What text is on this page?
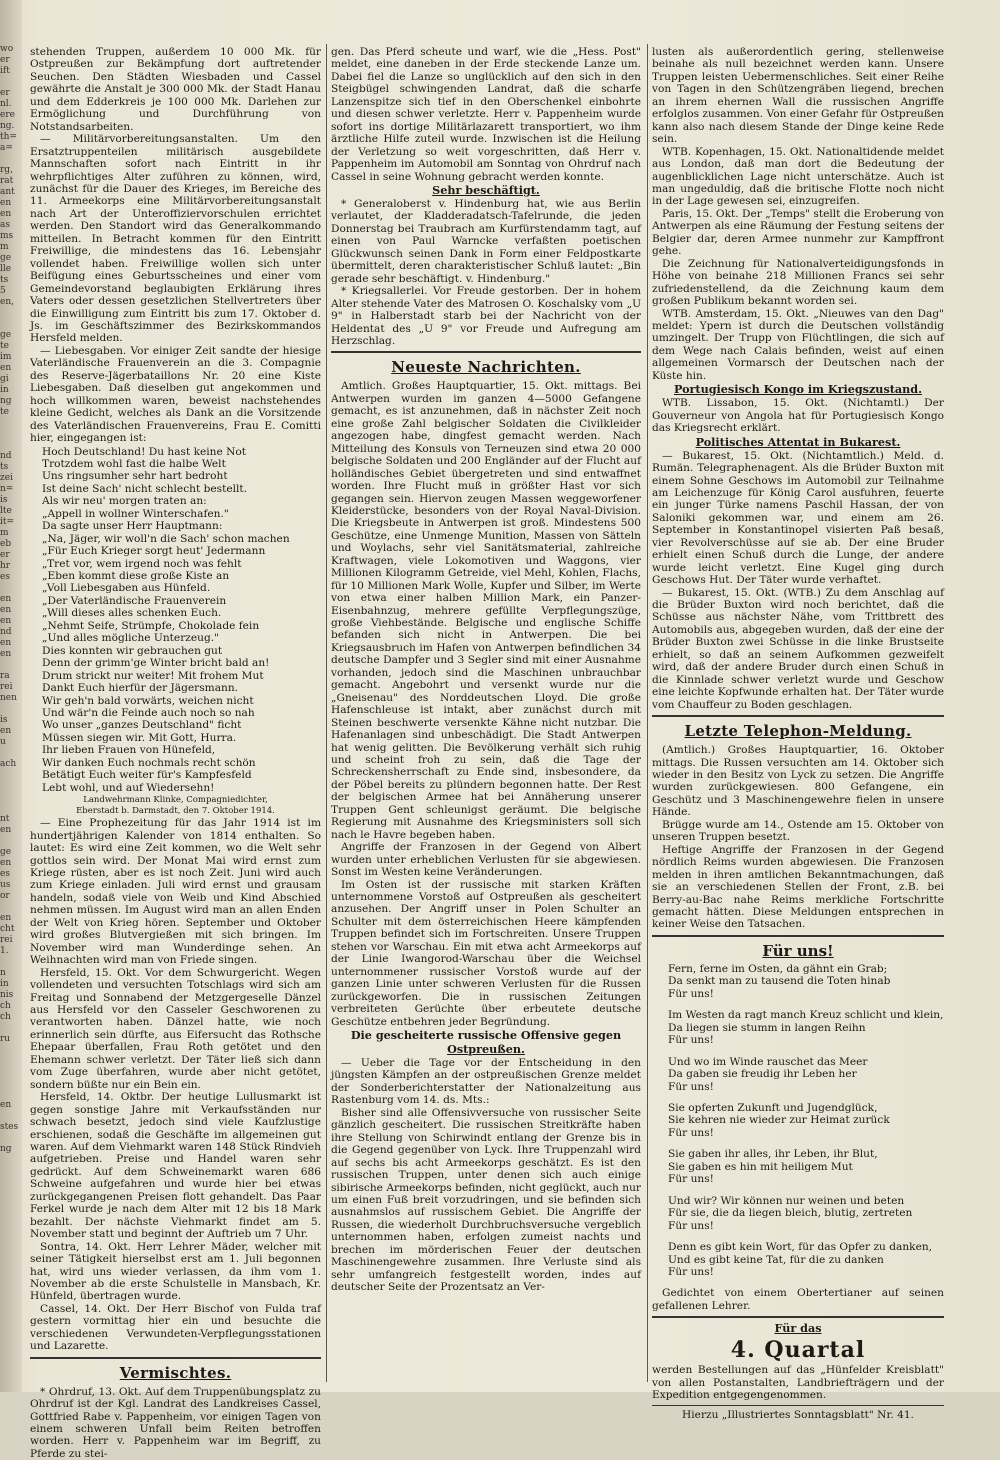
wo
er
ift

er
nl.
ere
ng.
th=
a=

rg,
rat
ant
en
en
as
ms
m
ge
lle
ts
5
en,

ge
te
im
en
gi
in
ng
te

nd
ts
zei
n=
is
lte
it=
m
eb
er
hr
es

en
en
en
nd
en
en

ra
rei
nen

is
en
u

ach

nt
en

ge
en
es
us
or

en
cht
rei
1.

n
in
nis
ch
ch

ru

en

stes

ng

stehenden Truppen, außerdem 10 000 Mk. für Ostpreußen zur Bekämpfung dort auftretender Seuchen. Den Städten Wiesbaden und Cassel gewährte die Anstalt je 300 000 Mk. der Stadt Hanau und dem Edderkreis je 100 000 Mk. Darlehen zur Ermöglichung und Durchführung von Notstandsarbeiten.

— Militärvorbereitungsanstalten. Um den Ersatztruppenteilen militärisch ausgebildete Mannschaften sofort nach Eintritt in ihr wehrpflichtiges Alter zuführen zu können, wird, zunächst für die Dauer des Krieges, im Bereiche des 11. Armeekorps eine Militärvorbereitungsanstalt nach Art der Unteroffiziervorschulen errichtet werden. Den Standort wird das Generalkommando mitteilen. In Betracht kommen für den Eintritt Freiwillige, die mindestens das 16. Lebensjahr vollendet haben. Freiwillige wollen sich unter Beifügung eines Geburtsscheines und einer vom Gemeindevorstand beglaubigten Erklärung ihres Vaters oder dessen gesetzlichen Stellvertreters über die Einwilligung zum Eintritt bis zum 17. Oktober d. Js. im Geschäftszimmer des Bezirkskommandos Hersfeld melden.

— Liebesgaben. Vor einiger Zeit sandte der hiesige Vaterländische Frauenverein an die 3. Compagnie des Reserve-Jägerbataillons Nr. 20 eine Kiste Liebesgaben. Daß dieselben gut angekommen und hoch willkommen waren, beweist nachstehendes kleine Gedicht, welches als Dank an die Vorsitzende des Vaterländischen Frauenvereins, Frau E. Comitti hier, eingegangen ist:

Hoch Deutschland! Du hast keine Not
Trotzdem wohl fast die halbe Welt
Uns ringsumher sehr hart bedroht
Ist deine Sach' nicht schlecht bestellt.
Als wir neu' morgen traten an:
„Appell in wollner Winterschafen."
Da sagte unser Herr Hauptmann:
„Na, Jäger, wir woll'n die Sach' schon machen
„Für Euch Krieger sorgt heut' Jedermann
„Tret vor, wem irgend noch was fehlt
„Eben kommt diese große Kiste an
„Voll Liebesgaben aus Hünfeld.
„Der Vaterländische Frauenverein
„Will dieses alles schenken Euch.
„Nehmt Seife, Strümpfe, Chokolade fein
„Und alles mögliche Unterzeug."
Dies konnten wir gebrauchen gut
Denn der grimm'ge Winter bricht bald an!
Drum strickt nur weiter! Mit frohem Mut
Dankt Euch hierfür der Jägersmann.
Wir geh'n bald vorwärts, weichen nicht
Und wär'n die Feinde auch noch so nah
Wo unser „ganzes Deutschland" ficht
Müssen siegen wir. Mit Gott, Hurra.
Ihr lieben Frauen von Hünefeld,
Wir danken Euch nochmals recht schön
Betätigt Euch weiter für's Kampfesfeld
Lebt wohl, und auf Wiedersehn!
Landwehrmann Klinke, Compagniedichter,
Eberstadt b. Darmstadt, den 7. Oktober 1914.

— Eine Prophezeitung für das Jahr 1914 ist im hundertjährigen Kalender von 1814 enthalten. So lautet: Es wird eine Zeit kommen, wo die Welt sehr gottlos sein wird. Der Monat Mai wird ernst zum Kriege rüsten, aber es ist noch Zeit. Juni wird auch zum Kriege einladen. Juli wird ernst und grausam handeln, sodaß viele von Weib und Kind Abschied nehmen müssen. Im August wird man an allen Enden der Welt von Krieg hören. September und Oktober wird großes Blutvergießen mit sich bringen. Im November wird man Wunderdinge sehen. An Weihnachten wird man von Friede singen.

Hersfeld, 15. Okt. Vor dem Schwurgericht. Wegen vollendeten und versuchten Totschlags wird sich am Freitag und Sonnabend der Metzgergeselle Dänzel aus Hersfeld vor den Casseler Geschworenen zu verantworten haben. Dänzel hatte, wie noch erinnerlich sein dürfte, aus Eifersucht das Rothsche Ehepaar überfallen, Frau Roth getötet und den Ehemann schwer verletzt. Der Täter ließ sich dann vom Zuge überfahren, wurde aber nicht getötet, sondern büßte nur ein Bein ein.

Hersfeld, 14. Oktbr. Der heutige Lullusmarkt ist gegen sonstige Jahre mit Verkaufsständen nur schwach besetzt, jedoch sind viele Kaufzlustige erschienen, sodaß die Geschäfte im allgemeinen gut waren. Auf dem Viehmarkt waren 148 Stück Rindvieh aufgetrieben. Preise und Handel waren sehr gedrückt. Auf dem Schweinemarkt waren 686 Schweine aufgefahren und wurde hier bei etwas zurückgegangenen Preisen flott gehandelt. Das Paar Ferkel wurde je nach dem Alter mit 12 bis 18 Mark bezahlt. Der nächste Viehmarkt findet am 5. November statt und beginnt der Auftrieb um 7 Uhr.

Sontra, 14. Okt. Herr Lehrer Mäder, welcher mit seiner Tätigkeit hierselbst erst am 1. Juli begonnen hat, wird uns wieder verlassen, da ihm vom 1. November ab die erste Schulstelle in Mansbach, Kr. Hünfeld, übertragen wurde.

Cassel, 14. Okt. Der Herr Bischof von Fulda traf gestern vormittag hier ein und besuchte die verschiedenen Verwundeten-Verpflegungsstationen und Lazarette.

Vermischtes.

* Ohrdruf, 13. Okt. Auf dem Truppenübungsplatz zu Ohrdruf ist der Kgl. Landrat des Landkreises Cassel, Gottfried Rabe v. Pappenheim, vor einigen Tagen von einem schweren Unfall beim Reiten betroffen worden. Herr v. Pappenheim war im Begriff, zu Pferde zu stei-

gen. Das Pferd scheute und warf, wie die „Hess. Post" meldet, eine daneben in der Erde steckende Lanze um. Dabei fiel die Lanze so unglücklich auf den sich in den Steigbügel schwingenden Landrat, daß die scharfe Lanzenspitze sich tief in den Oberschenkel einbohrte und diesen schwer verletzte. Herr v. Pappenheim wurde sofort ins dortige Militärlazarett transportiert, wo ihm ärztliche Hilfe zuteil wurde. Inzwischen ist die Heilung der Verletzung so weit vorgeschritten, daß Herr v. Pappenheim im Automobil am Sonntag von Ohrdruf nach Cassel in seine Wohnung gebracht werden konnte.

Sehr beschäftigt.

* Generaloberst v. Hindenburg hat, wie aus Berlin verlautet, der Kladderadatsch-Tafelrunde, die jeden Donnerstag bei Traubrach am Kurfürstendamm tagt, auf einen von Paul Warncke verfaßten poetischen Glückwunsch seinen Dank in Form einer Feldpostkarte übermittelt, deren charakteristischer Schluß lautet: „Bin gerade sehr beschäftigt. v. Hindenburg."

* Kriegsallerlei. Vor Freude gestorben. Der in hohem Alter stehende Vater des Matrosen O. Koschalsky vom „U 9" in Halberstadt starb bei der Nachricht von der Heldentat des „U 9" vor Freude und Aufregung am Herzschlag.

Neueste Nachrichten.

Amtlich. Großes Hauptquartier, 15. Okt. mittags. Bei Antwerpen wurden im ganzen 4—5000 Gefangene gemacht, es ist anzunehmen, daß in nächster Zeit noch eine große Zahl belgischer Soldaten die Civilkleider angezogen habe, dingfest gemacht werden. Nach Mitteilung des Konsuls von Terneuzen sind etwa 20 000 belgische Soldaten und 200 Engländer auf der Flucht auf holländisches Gebiet übergetreten und sind entwaffnet worden. Ihre Flucht muß in größter Hast vor sich gegangen sein. Hiervon zeugen Massen weggeworfener Kleiderstücke, besonders von der Royal Naval-Division. Die Kriegsbeute in Antwerpen ist groß. Mindestens 500 Geschütze, eine Unmenge Munition, Massen von Sätteln und Woylachs, sehr viel Sanitätsmaterial, zahlreiche Kraftwagen, viele Lokomotiven und Waggons, vier Millionen Kilogramm Getreide, viel Mehl, Kohlen, Flachs, für 10 Millionen Mark Wolle, Kupfer und Silber, im Werte von etwa einer halben Million Mark, ein Panzer-Eisenbahnzug, mehrere gefüllte Verpflegungszüge, große Viehbestände. Belgische und englische Schiffe befanden sich nicht in Antwerpen. Die bei Kriegsausbruch im Hafen von Antwerpen befindlichen 34 deutsche Dampfer und 3 Segler sind mit einer Ausnahme vorhanden, jedoch sind die Maschinen unbrauchbar gemacht. Angebohrt und versenkt wurde nur die „Gneisenau" des Norddeutschen Lloyd. Die große Hafenschleuse ist intakt, aber zunächst durch mit Steinen beschwerte versenkte Kähne nicht nutzbar. Die Hafenanlagen sind unbeschädigt. Die Stadt Antwerpen hat wenig gelitten. Die Bevölkerung verhält sich ruhig und scheint froh zu sein, daß die Tage der Schreckensherrschaft zu Ende sind, insbesondere, da der Pöbel bereits zu plündern begonnen hatte. Der Rest der belgischen Armee hat bei Annäherung unserer Truppen Gent schleunigst geräumt. Die belgische Regierung mit Ausnahme des Kriegsministers soll sich nach le Havre begeben haben.

Angriffe der Franzosen in der Gegend von Albert wurden unter erheblichen Verlusten für sie abgewiesen. Sonst im Westen keine Veränderungen.

Im Osten ist der russische mit starken Kräften unternommene Vorstoß auf Ostpreußen als gescheitert anzusehen. Der Angriff unser in Polen Schulter an Schulter mit dem österreichischen Heere kämpfenden Truppen befindet sich im Fortschreiten. Unsere Truppen stehen vor Warschau. Ein mit etwa acht Armeekorps auf der Linie Iwangorod-Warschau über die Weichsel unternommener russischer Vorstoß wurde auf der ganzen Linie unter schweren Verlusten für die Russen zurückgeworfen. Die in russischen Zeitungen verbreiteten Gerüchte über erbeutete deutsche Geschütze entbehren jeder Begründung.

Die gescheiterte russische Offensive gegen
Ostpreußen.

— Ueber die Tage vor der Entscheidung in den jüngsten Kämpfen an der ostpreußischen Grenze meldet der Sonderberichterstatter der Nationalzeitung aus Rastenburg vom 14. ds. Mts.:

Bisher sind alle Offensivversuche von russischer Seite gänzlich gescheitert. Die russischen Streitkräfte haben ihre Stellung von Schirwindt entlang der Grenze bis in die Gegend gegenüber von Lyck. Ihre Truppenzahl wird auf sechs bis acht Armeekorps geschätzt. Es ist den russischen Truppen, unter denen sich auch einige sibirische Armeekorps befinden, nicht geglückt, auch nur um einen Fuß breit vorzudringen, und sie befinden sich ausnahmslos auf russischem Gebiet. Die Angriffe der Russen, die wiederholt Durchbruchsversuche vergeblich unternommen haben, erfolgen zumeist nachts und brechen im mörderischen Feuer der deutschen Maschinengewehre zusammen. Ihre Verluste sind als sehr umfangreich festgestellt worden, indes auf deutscher Seite der Prozentsatz an Ver-

lusten als außerordentlich gering, stellenweise beinahe als null bezeichnet werden kann. Unsere Truppen leisten Uebermenschliches. Seit einer Reihe von Tagen in den Schützengräben liegend, brechen an ihrem ehernen Wall die russischen Angriffe erfolglos zusammen. Von einer Gefahr für Ostpreußen kann also nach diesem Stande der Dinge keine Rede sein.

WTB. Kopenhagen, 15. Okt. Nationaltidende meldet aus London, daß man dort die Bedeutung der augenblicklichen Lage nicht unterschätze. Auch ist man ungeduldig, daß die britische Flotte noch nicht in der Lage gewesen sei, einzugreifen.

Paris, 15. Okt. Der „Temps" stellt die Eroberung von Antwerpen als eine Räumung der Festung seitens der Belgier dar, deren Armee nunmehr zur Kampffront gehe.

Die Zeichnung für Nationalverteidigungsfonds in Höhe von beinahe 218 Millionen Francs sei sehr zufriedenstellend, da die Zeichnung kaum dem großen Publikum bekannt worden sei.

WTB. Amsterdam, 15. Okt. „Nieuwes van den Dag" meldet: Ypern ist durch die Deutschen vollständig umzingelt. Der Trupp von Flüchtlingen, die sich auf dem Wege nach Calais befinden, weist auf einen allgemeinen Vormarsch der Deutschen nach der Küste hin.

Portugiesisch Kongo im Kriegszustand.

WTB. Lissabon, 15. Okt. (Nichtamtl.) Der Gouverneur von Angola hat für Portugiesisch Kongo das Kriegsrecht erklärt.

Politisches Attentat in Bukarest.

— Bukarest, 15. Okt. (Nichtamtlich.) Meld. d. Rumän. Telegraphenagent. Als die Brüder Buxton mit einem Sohne Geschows im Automobil zur Teilnahme am Leichenzuge für König Carol ausfuhren, feuerte ein junger Türke namens Paschil Hassan, der von Saloniki gekommen war, und einem am 26. September in Konstantinopel visierten Paß besaß, vier Revolverschüsse auf sie ab. Der eine Bruder erhielt einen Schuß durch die Lunge, der andere wurde leicht verletzt. Eine Kugel ging durch Geschows Hut. Der Täter wurde verhaftet.

— Bukarest, 15. Okt. (WTB.) Zu dem Anschlag auf die Brüder Buxton wird noch berichtet, daß die Schüsse aus nächster Nähe, vom Trittbrett des Automobils aus, abgegeben wurden, daß der eine der Brüder Buxton zwei Schüsse in die linke Brustseite erhielt, so daß an seinem Aufkommen gezweifelt wird, daß der andere Bruder durch einen Schuß in die Kinnlade schwer verletzt wurde und Geschow eine leichte Kopfwunde erhalten hat. Der Täter wurde vom Chauffeur zu Boden geschlagen.

Letzte Telephon-Meldung.

(Amtlich.) Großes Hauptquartier, 16. Oktober mittags. Die Russen versuchten am 14. Oktober sich wieder in den Besitz von Lyck zu setzen. Die Angriffe wurden zurückgewiesen. 800 Gefangene, ein Geschütz und 3 Maschinengewehre fielen in unsere Hände.

Brügge wurde am 14., Ostende am 15. Oktober von unseren Truppen besetzt.

Heftige Angriffe der Franzosen in der Gegend nördlich Reims wurden abgewiesen. Die Franzosen melden in ihren amtlichen Bekanntmachungen, daß sie an verschiedenen Stellen der Front, z.B. bei Berry-au-Bac nahe Reims merkliche Fortschritte gemacht hätten. Diese Meldungen entsprechen in keiner Weise den Tatsachen.

Für uns!
Fern, ferne im Osten, da gähnt ein Grab;
Da senkt man zu tausend die Toten hinab
Für uns!
Im Westen da ragt manch Kreuz schlicht und klein,
Da liegen sie stumm in langen Reihn
Für uns!
Und wo im Winde rauschet das Meer
Da gaben sie freudig ihr Leben her
Für uns!
Sie opferten Zukunft und Jugendglück,
Sie kehren nie wieder zur Heimat zurück
Für uns!
Sie gaben ihr alles, ihr Leben, ihr Blut,
Sie gaben es hin mit heiligem Mut
Für uns!
Und wir? Wir können nur weinen und beten
Für sie, die da liegen bleich, blutig, zertreten
Für uns!
Denn es gibt kein Wort, für das Opfer zu danken,
Und es gibt keine Tat, für die zu danken
Für uns!

Gedichtet von einem Obertertianer auf seinen gefallenen Lehrer.

Für das
4. Quartal

werden Bestellungen auf das „Hünfelder Kreisblatt" von allen Postanstalten, Landbriefträgern und der Expedition entgegengenommen.

Hierzu „Illustriertes Sonntagsblatt" Nr. 41.
